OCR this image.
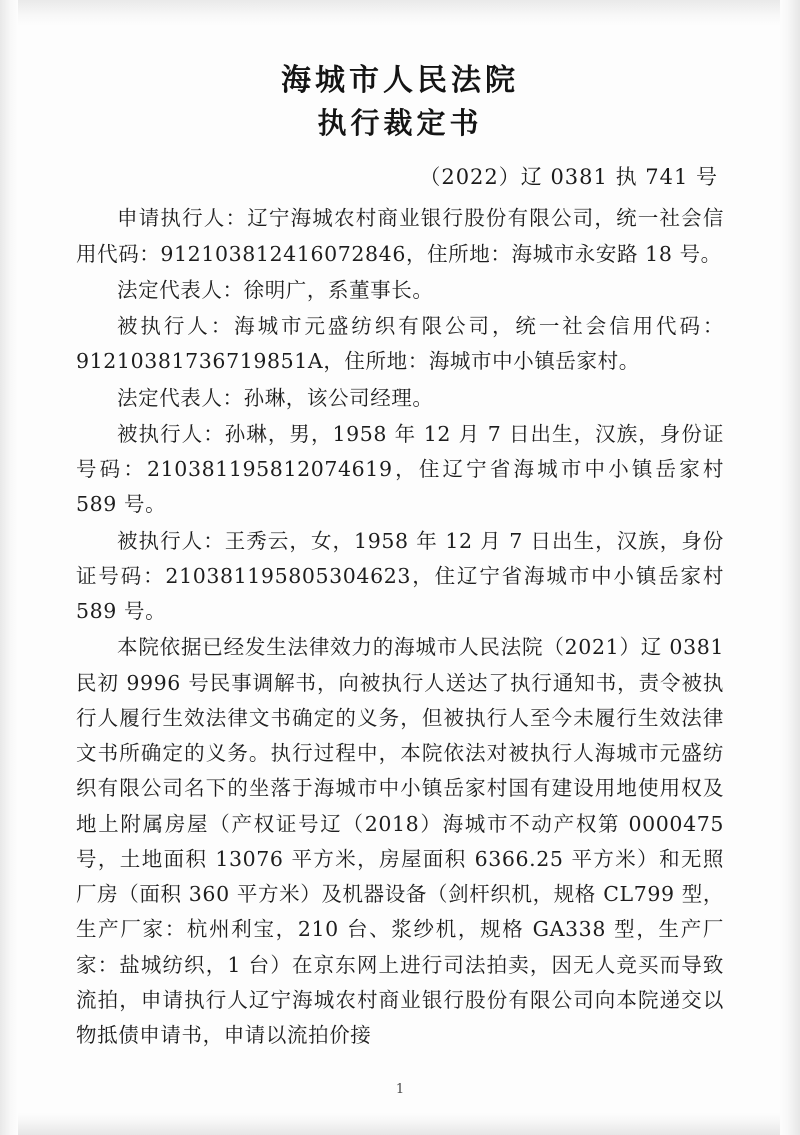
海城市人民法院
执行裁定书
（2022）辽 0381 执 741 号

申请执行人：辽宁海城农村商业银行股份有限公司，统一社会信用代码：912103812416072846，住所地：海城市永安路 18 号。

法定代表人：徐明广，系董事长。

被执行人：海城市元盛纺织有限公司，统一社会信用代码：91210381736719851A，住所地：海城市中小镇岳家村。

法定代表人：孙琳，该公司经理。

被执行人：孙琳，男，1958 年 12 月 7 日出生，汉族，身份证号码：210381195812074619，住辽宁省海城市中小镇岳家村 589 号。

被执行人：王秀云，女，1958 年 12 月 7 日出生，汉族，身份证号码：210381195805304623，住辽宁省海城市中小镇岳家村 589 号。

本院依据已经发生法律效力的海城市人民法院（2021）辽 0381 民初 9996 号民事调解书，向被执行人送达了执行通知书，责令被执行人履行生效法律文书确定的义务，但被执行人至今未履行生效法律文书所确定的义务。执行过程中，本院依法对被执行人海城市元盛纺织有限公司名下的坐落于海城市中小镇岳家村国有建设用地使用权及地上附属房屋（产权证号辽（2018）海城市不动产权第 0000475 号，土地面积 13076 平方米，房屋面积 6366.25 平方米）和无照厂房（面积 360 平方米）及机器设备（剑杆织机，规格 CL799 型，生产厂家：杭州利宝，210 台、浆纱机，规格 GA338 型，生产厂家：盐城纺织，1 台）在京东网上进行司法拍卖，因无人竞买而导致流拍，申请执行人辽宁海城农村商业银行股份有限公司向本院递交以物抵债申请书，申请以流拍价接

1
